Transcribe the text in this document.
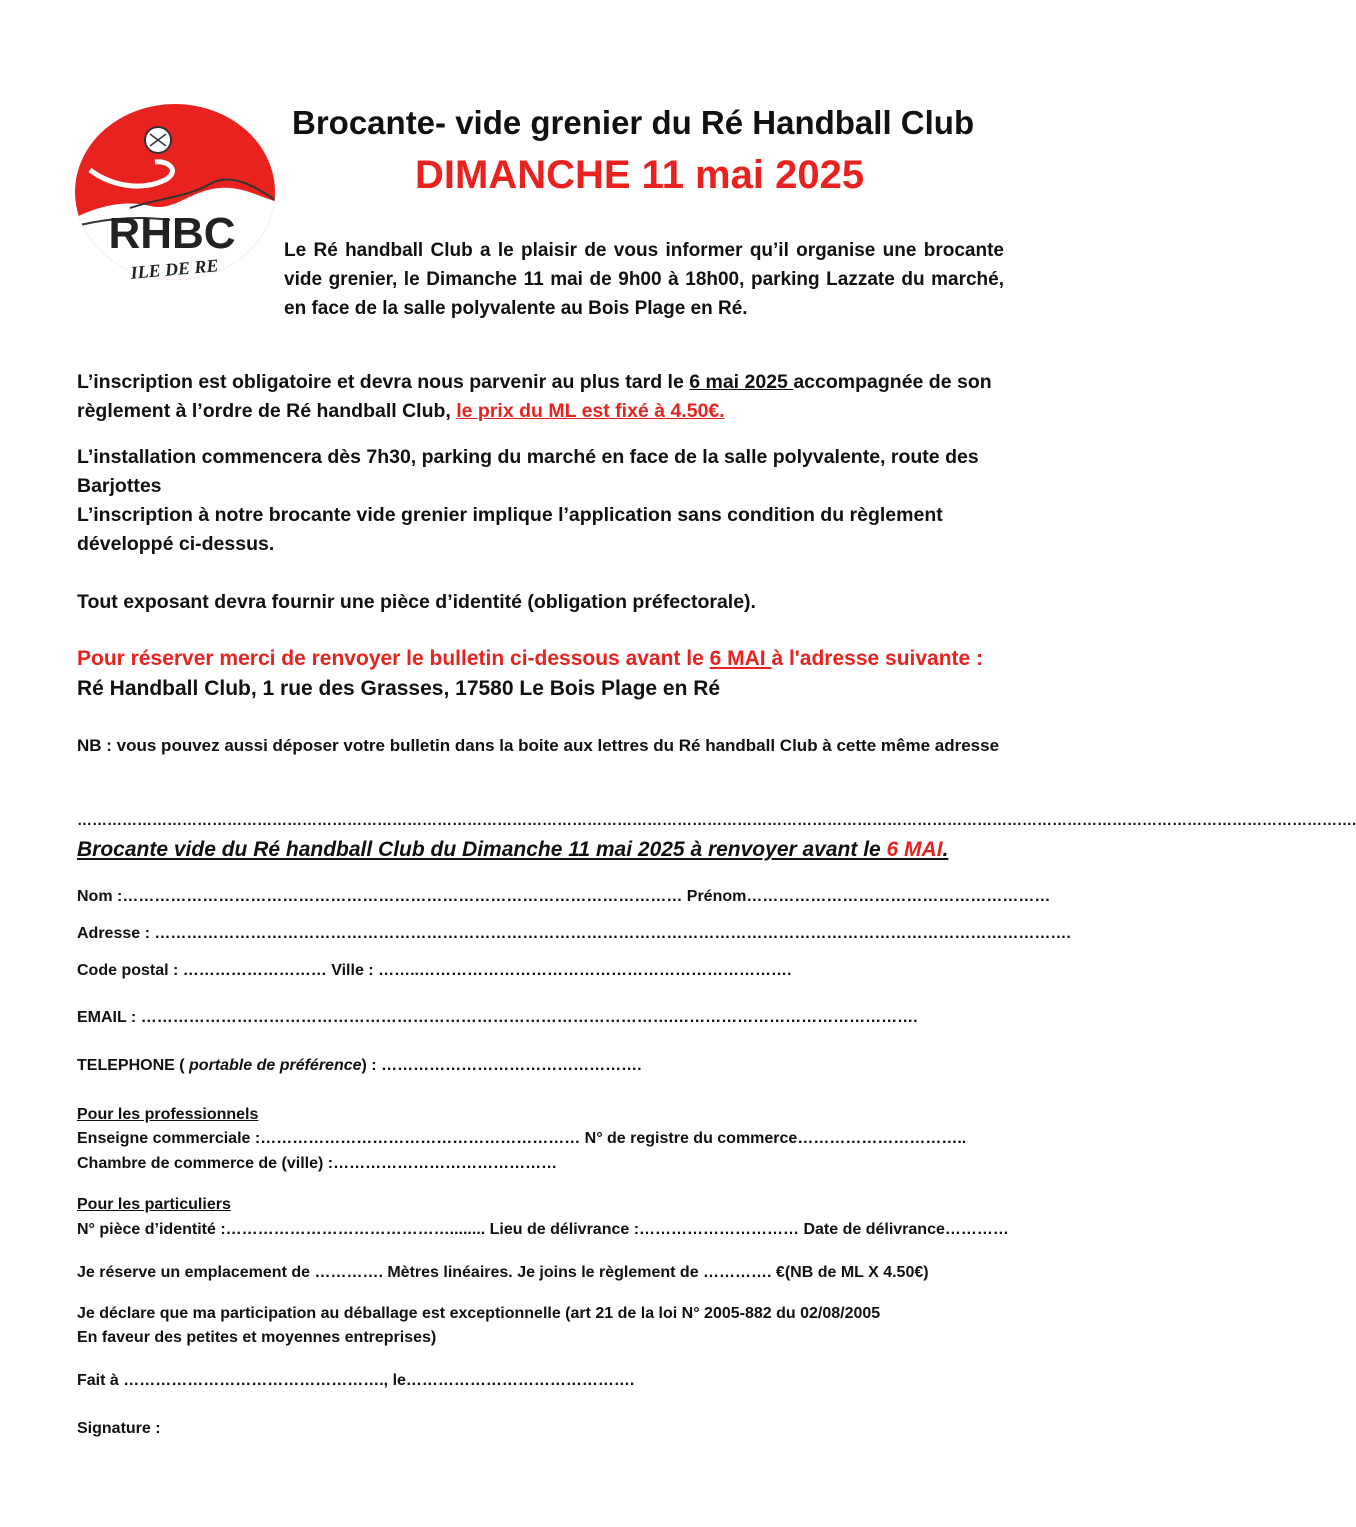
RHBC
ILE DE RE
Brocante- vide grenier du Ré Handball Club
DIMANCHE 11 mai 2025
Le Ré handball Club a le plaisir de vous informer qu’il organise une brocante vide grenier, le Dimanche 11 mai de 9h00 à 18h00, parking Lazzate du marché, en face de la salle polyvalente au Bois Plage en Ré.
L’inscription est obligatoire et devra nous parvenir au plus tard le 6 mai 2025 accompagnée de son règlement à l’ordre de Ré handball Club, le prix du ML est fixé à 4.50€.
L’installation commencera dès 7h30, parking du marché en face de la salle polyvalente, route des Barjottes
L’inscription à notre brocante vide grenier implique l’application sans condition du règlement développé ci-dessus.
Tout exposant devra fournir une pièce d’identité (obligation préfectorale).
Pour réserver merci de renvoyer le bulletin ci-dessous avant le 6 MAI à l'adresse suivante : Ré Handball Club, 1 rue des Grasses, 17580 Le Bois Plage en Ré
NB : vous pouvez aussi déposer votre bulletin dans la boite aux lettres du Ré handball Club à cette même adresse
………………………………………………………………………………………………………………………………………………………………………………………………………………………………….
Brocante vide du Ré handball Club du Dimanche 11 mai 2025 à renvoyer avant le 6 MAI.
Nom :…………………………………………………………………………………………… Prénom…………………………………………………
Adresse : ……………………………………………………………………………………………………………………………………………………….
Code postal : ……………………… Ville : ……..…………………………………………………………….
EMAIL : ……………………………………………………………………………………….……………………………………….
TELEPHONE ( portable de préférence) : ………………………………………….
Pour les professionnels
Enseigne commerciale :…………………………………………………… N° de registre du commerce…………………………..
Chambre de commerce de (ville) :……………………………………
Pour les particuliers
N° pièce d’identité :……………………………………........ Lieu de délivrance :………………………… Date de délivrance…………
Je réserve un emplacement de …………. Mètres linéaires. Je joins le règlement de …………. €(NB de ML X 4.50€)
Je déclare que ma participation au déballage est exceptionnelle (art 21 de la loi N° 2005-882 du 02/08/2005
En faveur des petites et moyennes entreprises)
Fait à …………………………………………., le…………………………………….
Signature :
